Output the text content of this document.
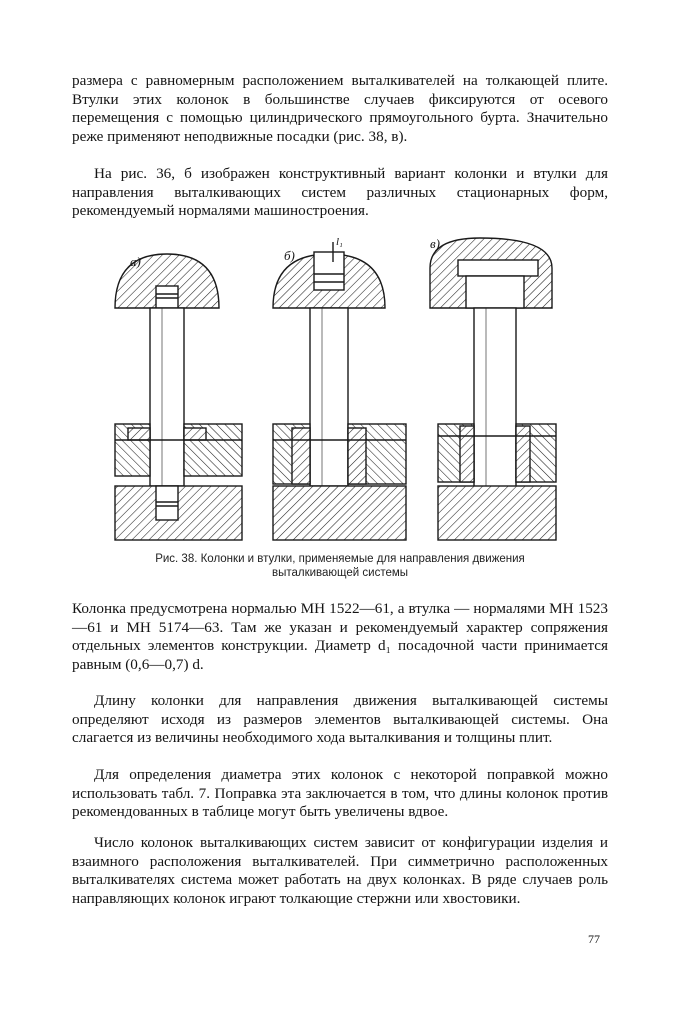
размера с равномерным расположением выталкивателей на толкающей плите. Втулки этих колонок в большинстве случаев фиксируются от осевого перемещения с помощью цилиндрического прямоугольного бурта. Значительно реже применяют неподвижные посадки (рис. 38, в).

На рис. 36, б изображен конструктивный вариант колонки и втулки для направления выталкивающих систем различных стационарных форм, рекомендуемый нормалями машиностроения.

а)	б)
в)
l₁

Рис. 38. Колонки и втулки, применяемые для направления движения выталкивающей системы

Колонка предусмотрена нормалью МН 1522—61, а втулка — нормалями МН 1523—61 и МН 5174—63. Там же указан и рекомендуемый характер сопряжения отдельных элементов конструкции. Диаметр d₁ посадочной части принимается равным (0,6—0,7) d.

Длину колонки для направления движения выталкивающей системы определяют исходя из размеров элементов выталкивающей системы. Она слагается из величины необходимого хода выталкивания и толщины плит.

Для определения диаметра этих колонок с некоторой поправкой можно использовать табл. 7. Поправка эта заключается в том, что длины колонок против рекомендованных в таблице могут быть увеличены вдвое.

Число колонок выталкивающих систем зависит от конфигурации изделия и взаимного расположения выталкивателей. При симметрично расположенных выталкивателях система может работать на двух колонках. В ряде случаев роль направляющих колонок играют толкающие стержни или хвостовики.

77
